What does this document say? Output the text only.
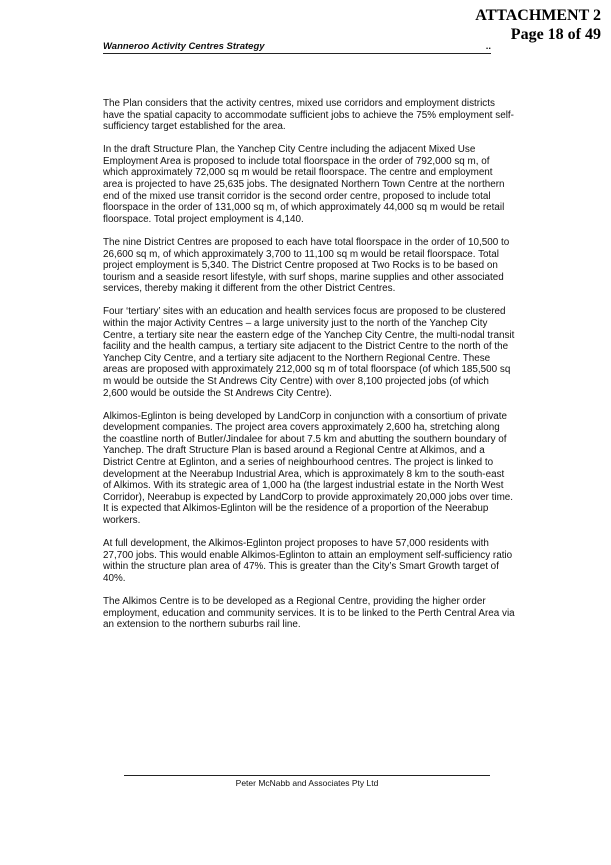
ATTACHMENT 2
Page 18 of 49
Wanneroo Activity Centres Strategy	..

The Plan considers that the activity centres, mixed use corridors and employment districts have the spatial capacity to accommodate sufficient jobs to achieve the 75% employment self-sufficiency target established for the area.

In the draft Structure Plan, the Yanchep City Centre including the adjacent Mixed Use Employment Area is proposed to include total floorspace in the order of 792,000 sq m, of which approximately 72,000 sq m would be retail floorspace. The centre and employment area is projected to have 25,635 jobs. The designated Northern Town Centre at the northern end of the mixed use transit corridor is the second order centre, proposed to include total floorspace in the order of 131,000 sq m, of which approximately 44,000 sq m would be retail floorspace. Total project employment is 4,140.

The nine District Centres are proposed to each have total floorspace in the order of 10,500 to 26,600 sq m, of which approximately 3,700 to 11,100 sq m would be retail floorspace. Total project employment is 5,340. The District Centre proposed at Two Rocks is to be based on tourism and a seaside resort lifestyle, with surf shops, marine supplies and other associated services, thereby making it different from the other District Centres.

Four ‘tertiary’ sites with an education and health services focus are proposed to be clustered within the major Activity Centres – a large university just to the north of the Yanchep City Centre, a tertiary site near the eastern edge of the Yanchep City Centre, the multi-nodal transit facility and the health campus, a tertiary site adjacent to the District Centre to the north of the Yanchep City Centre, and a tertiary site adjacent to the Northern Regional Centre. These areas are proposed with approximately 212,000 sq m of total floorspace (of which 185,500 sq m would be outside the St Andrews City Centre) with over 8,100 projected jobs (of which 2,600 would be outside the St Andrews City Centre).

Alkimos-Eglinton is being developed by LandCorp in conjunction with a consortium of private development companies. The project area covers approximately 2,600 ha, stretching along the coastline north of Butler/Jindalee for about 7.5 km and abutting the southern boundary of Yanchep. The draft Structure Plan is based around a Regional Centre at Alkimos, and a District Centre at Eglinton, and a series of neighbourhood centres. The project is linked to development at the Neerabup Industrial Area, which is approximately 8 km to the south-east of Alkimos. With its strategic area of 1,000 ha (the largest industrial estate in the North West Corridor), Neerabup is expected by LandCorp to provide approximately 20,000 jobs over time. It is expected that Alkimos-Eglinton will be the residence of a proportion of the Neerabup workers.

At full development, the Alkimos-Eglinton project proposes to have 57,000 residents with 27,700 jobs. This would enable Alkimos-Eglinton to attain an employment self-sufficiency ratio within the structure plan area of 47%. This is greater than the City’s Smart Growth target of 40%.

The Alkimos Centre is to be developed as a Regional Centre, providing the higher order employment, education and community services. It is to be linked to the Perth Central Area via an extension to the northern suburbs rail line.

Peter McNabb and Associates Pty Ltd
